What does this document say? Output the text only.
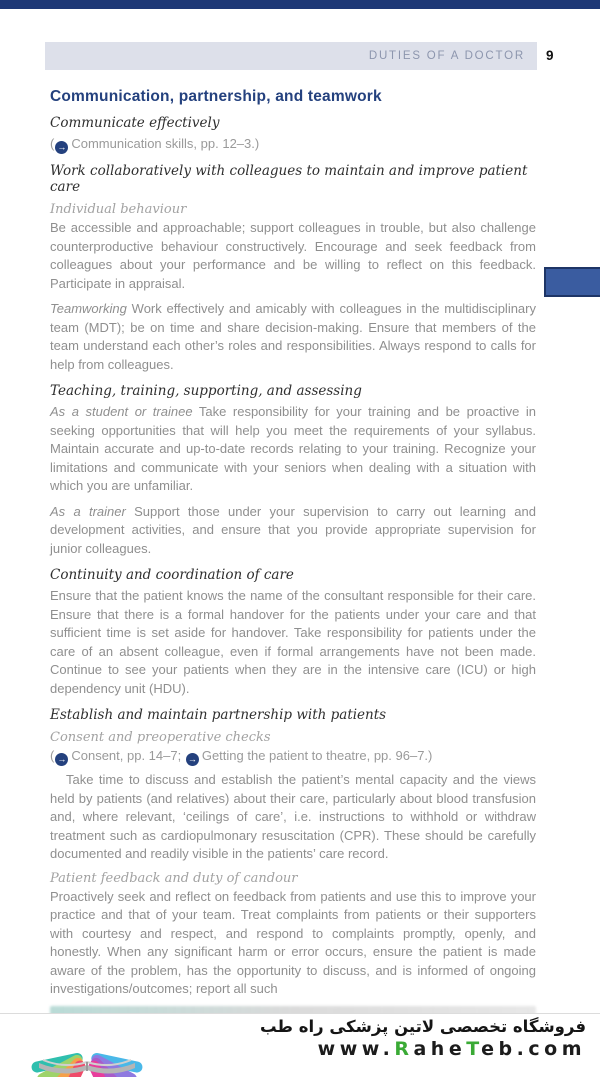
DUTIES OF A DOCTOR 9
Communication, partnership, and teamwork
Communicate effectively
( → Communication skills, pp. 12–3.)
Work collaboratively with colleagues to maintain and improve patient care
Individual behaviour

Be accessible and approachable; support colleagues in trouble, but also challenge counterproductive behaviour constructively. Encourage and seek feedback from colleagues about your performance and be willing to reflect on this feedback. Participate in appraisal.

Teamworking Work effectively and amicably with colleagues in the multidisciplinary team (MDT); be on time and share decision-making. Ensure that members of the team understand each other’s roles and responsibilities. Always respond to calls for help from colleagues.

Teaching, training, supporting, and assessing

As a student or trainee Take responsibility for your training and be proactive in seeking opportunities that will help you meet the requirements of your syllabus. Maintain accurate and up-to-date records relating to your training. Recognize your limitations and communicate with your seniors when dealing with a situation with which you are unfamiliar.

As a trainer Support those under your supervision to carry out learning and development activities, and ensure that you provide appropriate supervision for junior colleagues.

Continuity and coordination of care

Ensure that the patient knows the name of the consultant responsible for their care. Ensure that there is a formal handover for the patients under your care and that sufficient time is set aside for handover. Take responsibility for patients under the care of an absent colleague, even if formal arrangements have not been made. Continue to see your patients when they are in the intensive care (ICU) or high dependency unit (HDU).

Establish and maintain partnership with patients
Consent and preoperative checks
( → Consent, pp. 14–7; → Getting the patient to theatre, pp. 96–7.)

Take time to discuss and establish the patient’s mental capacity and the views held by patients (and relatives) about their care, particularly about blood transfusion and, where relevant, ‘ceilings of care’, i.e. instructions to withhold or withdraw treatment such as cardiopulmonary resuscitation (CPR). These should be carefully documented and readily visible in the patients’ care record.

Patient feedback and duty of candour

Proactively seek and reflect on feedback from patients and use this to improve your practice and that of your team. Treat complaints from patients or their supporters with courtesy and respect, and respond to complaints promptly, openly, and honestly. When any significant harm or error occurs, ensure the patient is made aware of the problem, has the opportunity to discuss, and is informed of ongoing investigations/outcomes; report all such

فروشگاه تخصصی لاتین پزشکی راه طب
www.RaheTeb.com
